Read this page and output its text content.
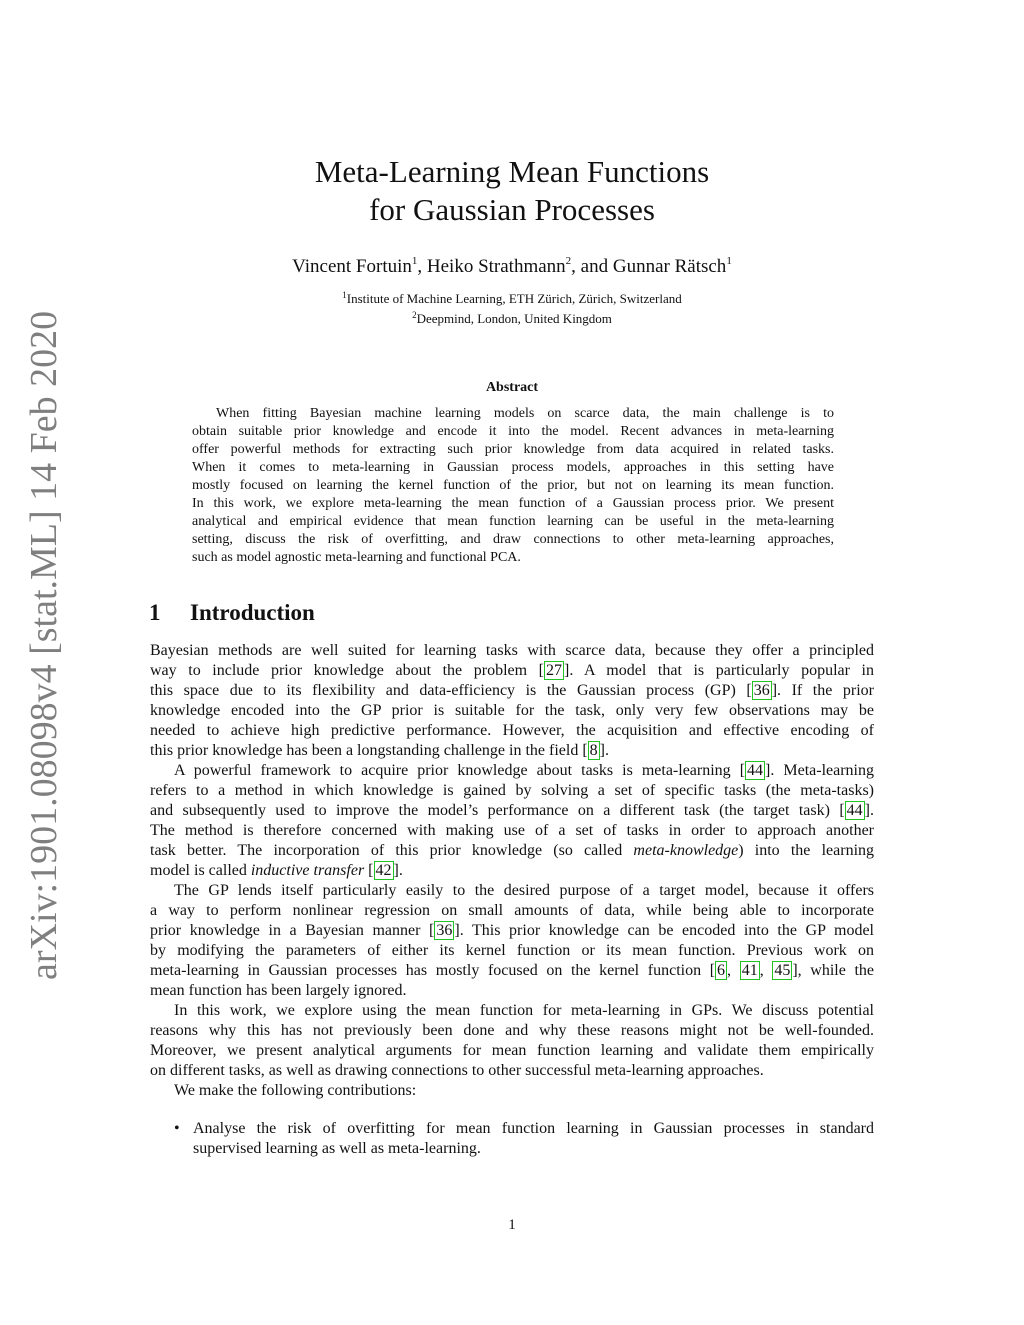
arXiv:1901.08098v4 [stat.ML] 14 Feb 2020
Meta-Learning Mean Functions
for Gaussian Processes
Vincent Fortuin$^1$, Heiko Strathmann$^2$, and Gunnar Rätsch$^1$
$^1$Institute of Machine Learning, ETH Zürich, Zürich, Switzerland
$^2$Deepmind, London, United Kingdom
Abstract
When fitting Bayesian machine learning models on scarce data, the main challenge is to
obtain suitable prior knowledge and encode it into the model. Recent advances in meta-learning
offer powerful methods for extracting such prior knowledge from data acquired in related tasks.
When it comes to meta-learning in Gaussian process models, approaches in this setting have
mostly focused on learning the kernel function of the prior, but not on learning its mean function.
In this work, we explore meta-learning the mean function of a Gaussian process prior. We present
analytical and empirical evidence that mean function learning can be useful in the meta-learning
setting, discuss the risk of overfitting, and draw connections to other meta-learning approaches,
such as model agnostic meta-learning and functional PCA.
1 Introduction
Bayesian methods are well suited for learning tasks with scarce data, because they offer a principled
way to include prior knowledge about the problem [ 27 ]. A model that is particularly popular in
this space due to its flexibility and data-efficiency is the Gaussian process (GP) [ 36 ]. If the prior
knowledge encoded into the GP prior is suitable for the task, only very few observations may be
needed to achieve high predictive performance. However, the acquisition and effective encoding of
this prior knowledge has been a longstanding challenge in the field [ 8 ].
A powerful framework to acquire prior knowledge about tasks is meta-learning [ 44 ]. Meta-learning
refers to a method in which knowledge is gained by solving a set of specific tasks (the meta-tasks)
and subsequently used to improve the model’s performance on a different task (the target task) [ 44 ].
The method is therefore concerned with making use of a set of tasks in order to approach another
task better. The incorporation of this prior knowledge (so called meta-knowledge) into the learning
model is called inductive transfer [ 42 ].
The GP lends itself particularly easily to the desired purpose of a target model, because it offers
a way to perform nonlinear regression on small amounts of data, while being able to incorporate
prior knowledge in a Bayesian manner [ 36 ]. This prior knowledge can be encoded into the GP model
by modifying the parameters of either its kernel function or its mean function. Previous work on
meta-learning in Gaussian processes has mostly focused on the kernel function [ 6 , 41 , 45 ], while the
mean function has been largely ignored.
In this work, we explore using the mean function for meta-learning in GPs. We discuss potential
reasons why this has not previously been done and why these reasons might not be well-founded.
Moreover, we present analytical arguments for mean function learning and validate them empirically
on different tasks, as well as drawing connections to other successful meta-learning approaches.
We make the following contributions:
• Analyse the risk of overfitting for mean function learning in Gaussian processes in standard
supervised learning as well as meta-learning.
1
